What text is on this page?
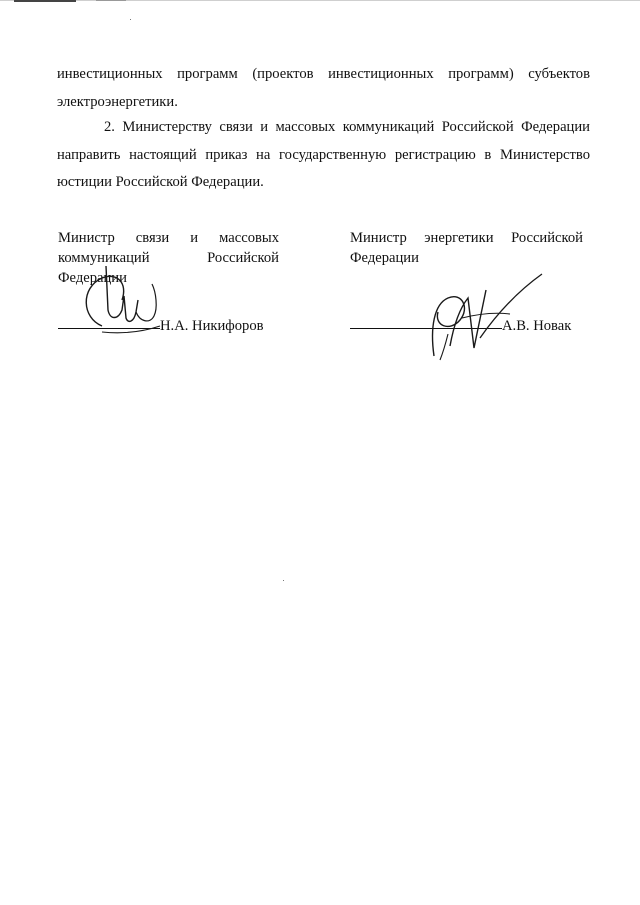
инвестиционных программ (проектов инвестиционных программ) субъектов электроэнергетики.

2. Министерству связи и массовых коммуникаций Российской Федерации направить настоящий приказ на государственную регистрацию в Министерство юстиции Российской Федерации.

Министр связи и массовых
коммуникаций Российской
Федерации
Н.А. Никифоров
Министр энергетики Российской Федерации
А.В. Новак
